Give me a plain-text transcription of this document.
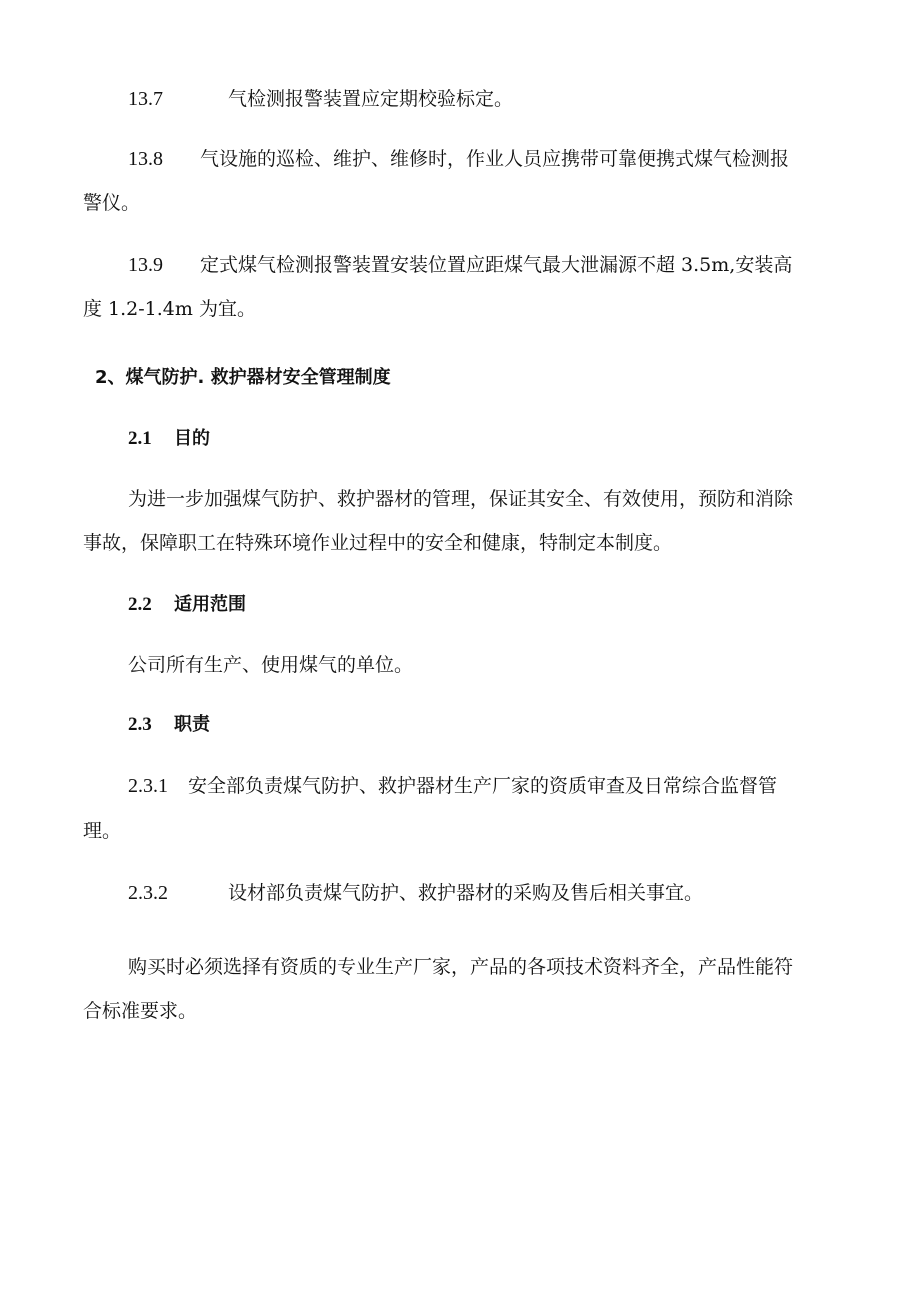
13.7	气检测报警装置应定期校验标定。
13.8 气设施的巡检、维护、维修时，作业人员应携带可靠便携式煤气检测报
警仪。
13.9 定式煤气检测报警装置安装位置应距煤气最大泄漏源不超 3.5m,安装高
度 1.2-1.4m 为宜。
2、煤气防护. 救护器材安全管理制度
2.1 目的
为进一步加强煤气防护、救护器材的管理，保证其安全、有效使用，预防和消除
事故，保障职工在特殊环境作业过程中的安全和健康，特制定本制度。
2.2 适用范围
公司所有生产、使用煤气的单位。
2.3 职责
2.3.1 安全部负责煤气防护、救护器材生产厂家的资质审查及日常综合监督管
理。
2.3.2	设材部负责煤气防护、救护器材的采购及售后相关事宜。
购买时必须选择有资质的专业生产厂家，产品的各项技术资料齐全，产品性能符
合标准要求。
